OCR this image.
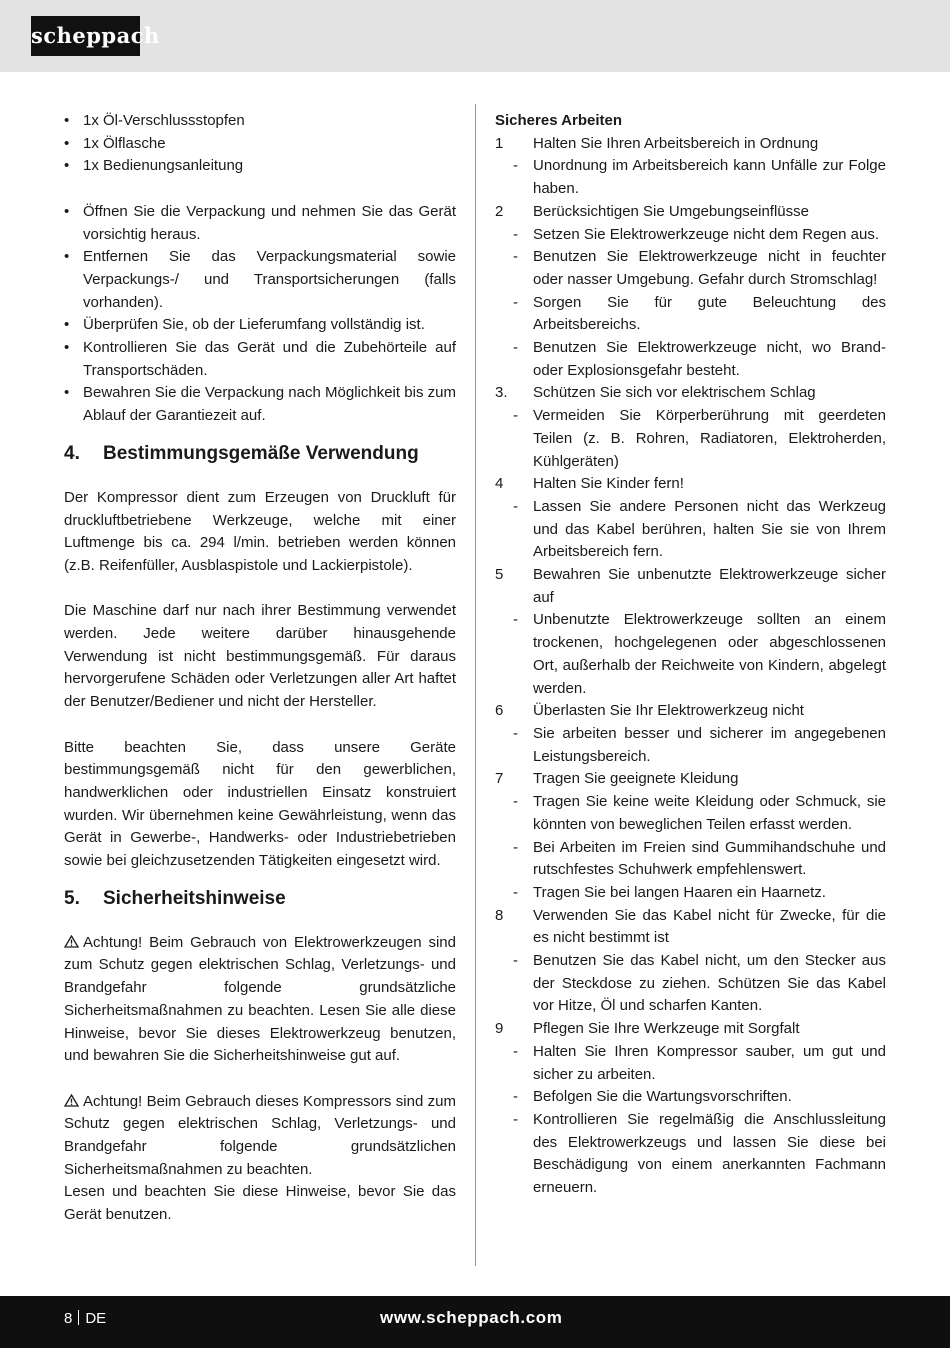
scheppach
• 1x Öl-Verschlussstopfen
• 1x Ölflasche
• 1x Bedienungsanleitung
• Öffnen Sie die Verpackung und nehmen Sie das Gerät vorsichtig heraus.
• Entfernen Sie das Verpackungsmaterial sowie Verpackungs-/ und Transportsicherungen (falls vorhanden).
• Überprüfen Sie, ob der Lieferumfang vollständig ist.
• Kontrollieren Sie das Gerät und die Zubehörteile auf Transportschäden.
• Bewahren Sie die Verpackung nach Möglichkeit bis zum Ablauf der Garantiezeit auf.
4.	Bestimmungsgemäße Verwendung
Der Kompressor dient zum Erzeugen von Druckluft für druckluftbetriebene Werkzeuge, welche mit einer Luftmenge bis ca. 294 l/min. betrieben werden können (z.B. Reifenfüller, Ausblaspistole und Lackierpistole).
Die Maschine darf nur nach ihrer Bestimmung verwendet werden. Jede weitere darüber hinausgehende Verwendung ist nicht bestimmungsgemäß. Für daraus hervorgerufene Schäden oder Verletzungen aller Art haftet der Benutzer/Bediener und nicht der Hersteller.
Bitte beachten Sie, dass unsere Geräte bestimmungsgemäß nicht für den gewerblichen, handwerklichen oder industriellen Einsatz konstruiert wurden. Wir übernehmen keine Gewährleistung, wenn das Gerät in Gewerbe-, Handwerks- oder Industriebetrieben sowie bei gleichzusetzenden Tätigkeiten eingesetzt wird.
5.	Sicherheitshinweise
Achtung! Beim Gebrauch von Elektrowerkzeugen sind zum Schutz gegen elektrischen Schlag, Verletzungs- und Brandgefahr folgende grundsätzliche Sicherheitsmaßnahmen zu beachten. Lesen Sie alle diese Hinweise, bevor Sie dieses Elektrowerkzeug benutzen, und bewahren Sie die Sicherheitshinweise gut auf.
Achtung! Beim Gebrauch dieses Kompressors sind zum Schutz gegen elektrischen Schlag, Verletzungs- und Brandgefahr folgende grundsätzlichen Sicherheitsmaßnahmen zu beachten.
Lesen und beachten Sie diese Hinweise, bevor Sie das Gerät benutzen.
Sicheres Arbeiten
1 Halten Sie Ihren Arbeitsbereich in Ordnung
- Unordnung im Arbeitsbereich kann Unfälle zur Folge haben.
2 Berücksichtigen Sie Umgebungseinflüsse
- Setzen Sie Elektrowerkzeuge nicht dem Regen aus.
- Benutzen Sie Elektrowerkzeuge nicht in feuchter oder nasser Umgebung. Gefahr durch Stromschlag!
- Sorgen Sie für gute Beleuchtung des Arbeitsbereichs.
- Benutzen Sie Elektrowerkzeuge nicht, wo Brand- oder Explosionsgefahr besteht.
3. Schützen Sie sich vor elektrischem Schlag
- Vermeiden Sie Körperberührung mit geerdeten Teilen (z. B. Rohren, Radiatoren, Elektroherden, Kühlgeräten)
4 Halten Sie Kinder fern!
- Lassen Sie andere Personen nicht das Werkzeug und das Kabel berühren, halten Sie sie von Ihrem Arbeitsbereich fern.
5 Bewahren Sie unbenutzte Elektrowerkzeuge sicher auf
- Unbenutzte Elektrowerkzeuge sollten an einem trockenen, hochgelegenen oder abgeschlossenen Ort, außerhalb der Reichweite von Kindern, abgelegt werden.
6 Überlasten Sie Ihr Elektrowerkzeug nicht
- Sie arbeiten besser und sicherer im angegebenen Leistungsbereich.
7 Tragen Sie geeignete Kleidung
- Tragen Sie keine weite Kleidung oder Schmuck, sie könnten von beweglichen Teilen erfasst werden.
- Bei Arbeiten im Freien sind Gummihandschuhe und rutschfestes Schuhwerk empfehlenswert.
- Tragen Sie bei langen Haaren ein Haarnetz.
8 Verwenden Sie das Kabel nicht für Zwecke, für die es nicht bestimmt ist
- Benutzen Sie das Kabel nicht, um den Stecker aus der Steckdose zu ziehen. Schützen Sie das Kabel vor Hitze, Öl und scharfen Kanten.
9 Pflegen Sie Ihre Werkzeuge mit Sorgfalt
- Halten Sie Ihren Kompressor sauber, um gut und sicher zu arbeiten.
- Befolgen Sie die Wartungsvorschriften.
- Kontrollieren Sie regelmäßig die Anschlussleitung des Elektrowerkzeugs und lassen Sie diese bei Beschädigung von einem anerkannten Fachmann erneuern.
8 DE	www.scheppach.com
